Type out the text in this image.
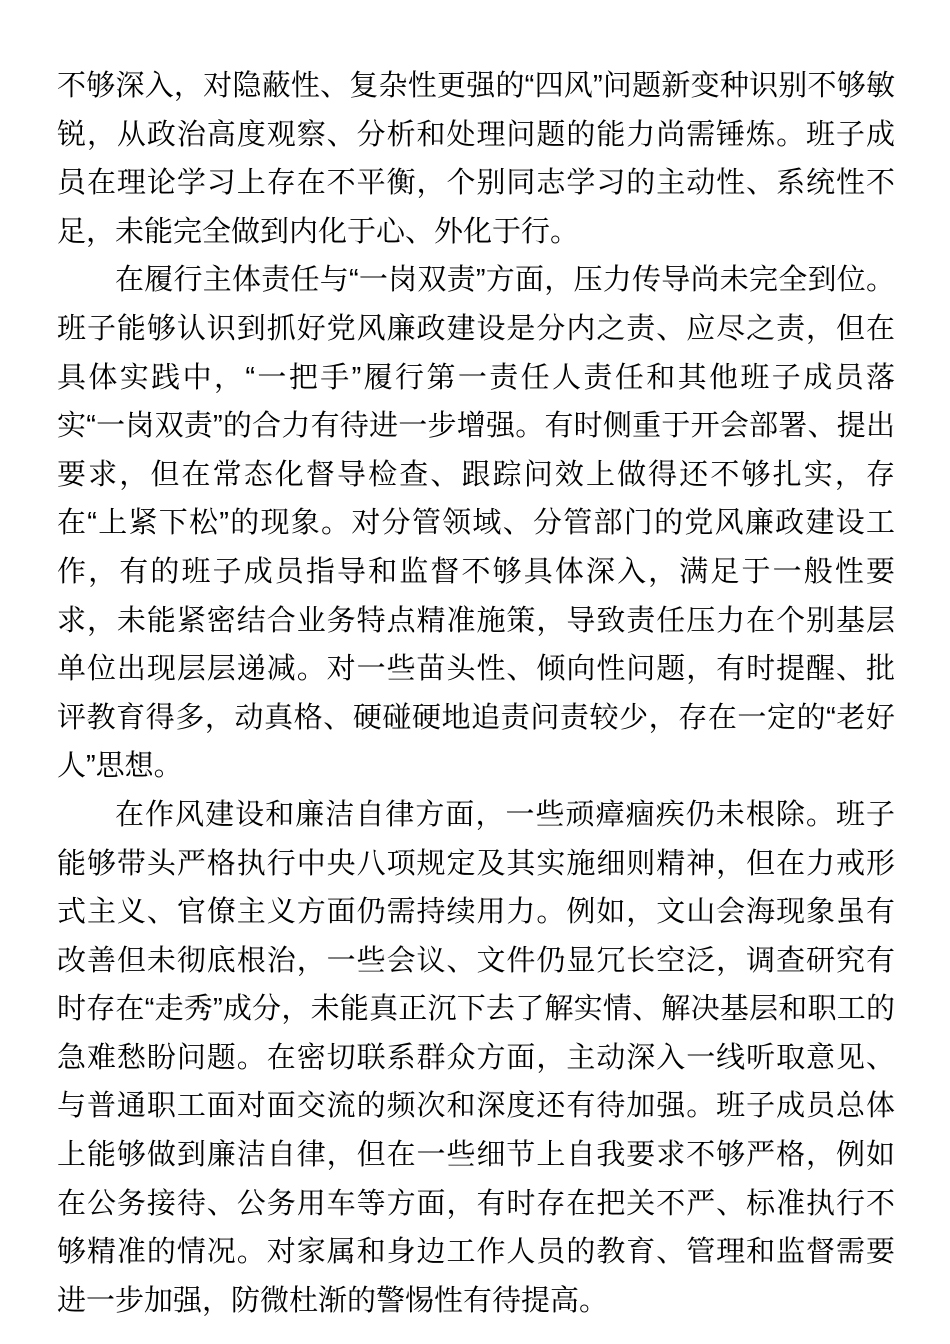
不够深入，对隐蔽性、复杂性更强的“四风”问题新变种识别不够敏锐，从政治高度观察、分析和处理问题的能力尚需锤炼。班子成员在理论学习上存在不平衡，个别同志学习的主动性、系统性不足，未能完全做到内化于心、外化于行。

在履行主体责任与“一岗双责”方面，压力传导尚未完全到位。班子能够认识到抓好党风廉政建设是分内之责、应尽之责，但在具体实践中，“一把手”履行第一责任人责任和其他班子成员落实“一岗双责”的合力有待进一步增强。有时侧重于开会部署、提出要求，但在常态化督导检查、跟踪问效上做得还不够扎实，存在“上紧下松”的现象。对分管领域、分管部门的党风廉政建设工作，有的班子成员指导和监督不够具体深入，满足于一般性要求，未能紧密结合业务特点精准施策，导致责任压力在个别基层单位出现层层递减。对一些苗头性、倾向性问题，有时提醒、批评教育得多，动真格、硬碰硬地追责问责较少，存在一定的“老好人”思想。

在作风建设和廉洁自律方面，一些顽瘴痼疾仍未根除。班子能够带头严格执行中央八项规定及其实施细则精神，但在力戒形式主义、官僚主义方面仍需持续用力。例如，文山会海现象虽有改善但未彻底根治，一些会议、文件仍显冗长空泛，调查研究有时存在“走秀”成分，未能真正沉下去了解实情、解决基层和职工的急难愁盼问题。在密切联系群众方面，主动深入一线听取意见、与普通职工面对面交流的频次和深度还有待加强。班子成员总体上能够做到廉洁自律，但在一些细节上自我要求不够严格，例如在公务接待、公务用车等方面，有时存在把关不严、标准执行不够精准的情况。对家属和身边工作人员的教育、管理和监督需要进一步加强，防微杜渐的警惕性有待提高。
